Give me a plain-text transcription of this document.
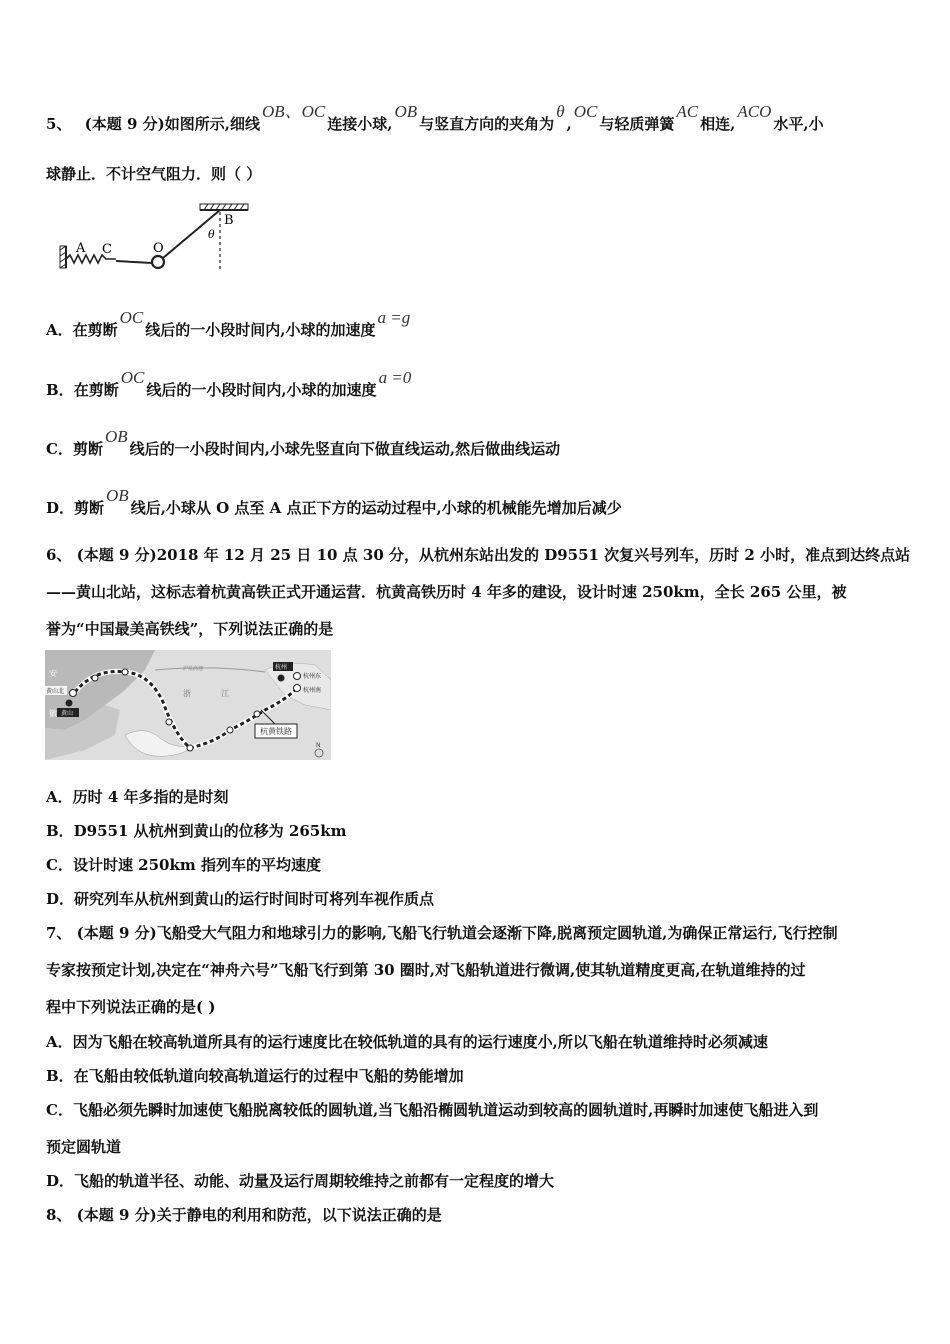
5、 (本题 9 分)如图所示,细线OB、OC连接小球,OB与竖直方向的夹角为θ,OC与轻质弹簧AC相连,ACO水平,小
球静止．不计空气阻力．则（ ）
A C	O
B
θ
A．在剪断OC线后的一小段时间内,小球的加速度a =g
B．在剪断OC线后的一小段时间内,小球的加速度a =0
C．剪断OB线后的一小段时间内,小球先竖直向下做直线运动,然后做曲线运动
D．剪断OB线后,小球从 O 点至 A 点正下方的运动过程中,小球的机械能先增加后减少
6、 (本题 9 分)2018 年 12 月 25 日 10 点 30 分，从杭州东站出发的 D9551 次复兴号列车，历时 2 小时，准点到达终点站
——黄山北站，这标志着杭黄高铁正式开通运营．杭黄高铁历时 4 年多的建设，设计时速 250km，全长 265 公里，被
誉为“中国最美高铁线”，下列说法正确的是
安
徽
浙	江
沪昆高速	杭州
杭州东
杭州南
黄山北
黄山
杭黄铁路
N
A．历时 4 年多指的是时刻
B．D9551 从杭州到黄山的位移为 265km
C．设计时速 250km 指列车的平均速度
D．研究列车从杭州到黄山的运行时间时可将列车视作质点
7、 (本题 9 分)飞船受大气阻力和地球引力的影响,飞船飞行轨道会逐渐下降,脱离预定圆轨道,为确保正常运行,飞行控制
专家按预定计划,决定在“神舟六号”飞船飞行到第 30 圈时,对飞船轨道进行微调,使其轨道精度更高,在轨道维持的过
程中下列说法正确的是( )
A．因为飞船在较高轨道所具有的运行速度比在较低轨道的具有的运行速度小,所以飞船在轨道维持时必须减速
B．在飞船由较低轨道向较高轨道运行的过程中飞船的势能增加
C．飞船必须先瞬时加速使飞船脱离较低的圆轨道,当飞船沿椭圆轨道运动到较高的圆轨道时,再瞬时加速使飞船进入到
预定圆轨道
D．飞船的轨道半径、动能、动量及运行周期较维持之前都有一定程度的增大
8、 (本题 9 分)关于静电的利用和防范，以下说法正确的是
